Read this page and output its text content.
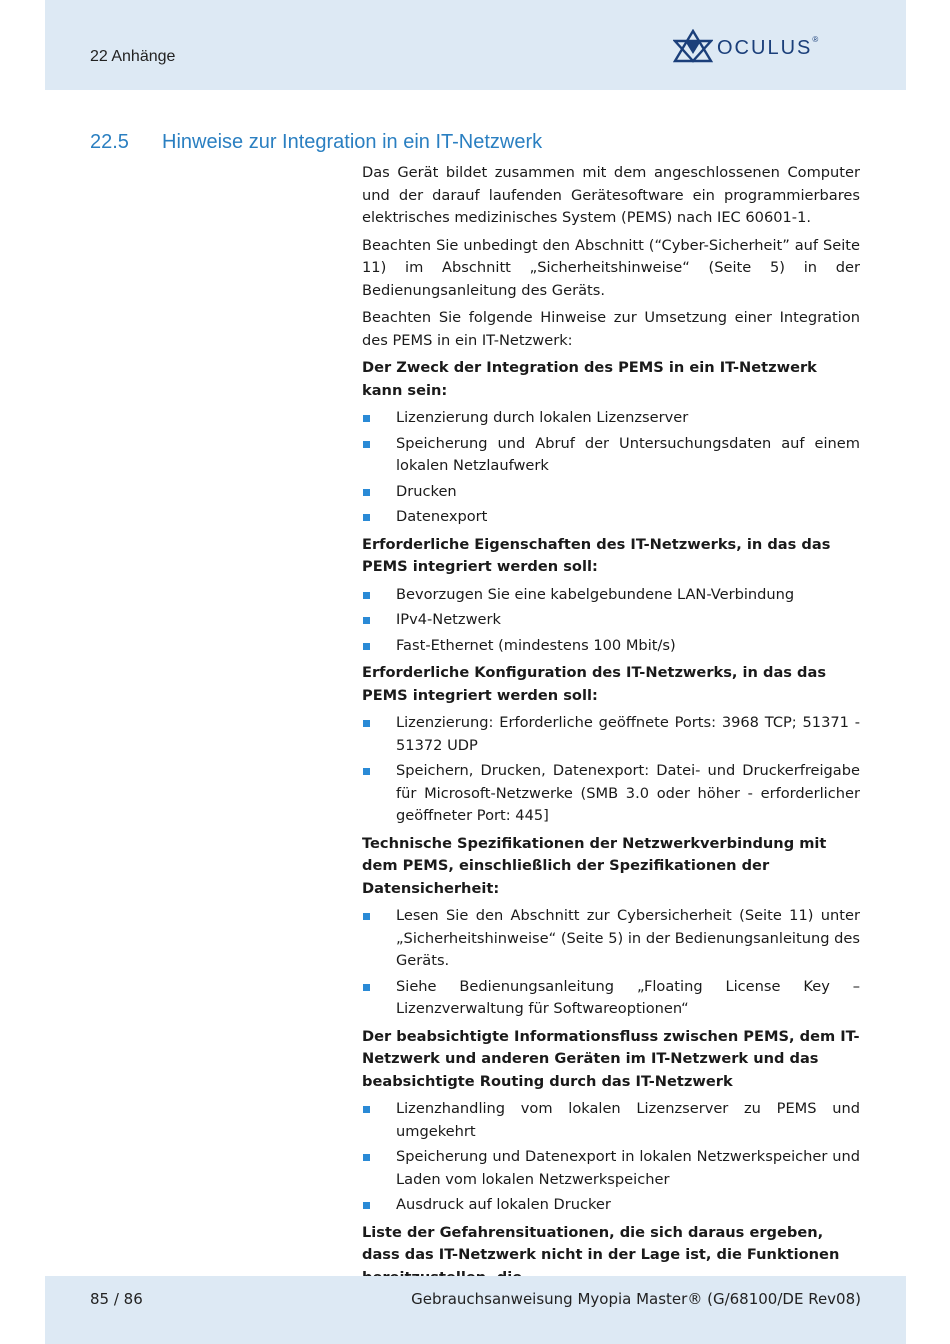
22 Anhänge	OCULUS®
22.5 Hinweise zur Integration in ein IT-Netzwerk

Das Gerät bildet zusammen mit dem angeschlossenen Computer und der darauf laufenden Gerätesoftware ein programmierbares elektrisches medizinisches System (PEMS) nach IEC 60601-1.

Beachten Sie unbedingt den Abschnitt (“Cyber-Sicherheit” auf Seite 11) im Abschnitt „Sicherheitshinweise“ (Seite 5) in der Bedienungsanleitung des Geräts.

Beachten Sie folgende Hinweise zur Umsetzung einer Integration des PEMS in ein IT-Netzwerk:

Der Zweck der Integration des PEMS in ein IT-Netzwerk kann sein:

Lizenzierung durch lokalen Lizenzserver
Speicherung und Abruf der Untersuchungsdaten auf einem lokalen Netzlaufwerk
Drucken
Datenexport

Erforderliche Eigenschaften des IT-Netzwerks, in das das PEMS integriert werden soll:

Bevorzugen Sie eine kabelgebundene LAN-Verbindung
IPv4-Netzwerk
Fast-Ethernet (mindestens 100 Mbit/s)

Erforderliche Konfiguration des IT-Netzwerks, in das das PEMS integriert werden soll:

Lizenzierung: Erforderliche geöffnete Ports: 3968 TCP; 51371 - 51372 UDP
Speichern, Drucken, Datenexport: Datei- und Druckerfreigabe für Microsoft-Netzwerke (SMB 3.0 oder höher - erforderlicher geöffneter Port: 445]

Technische Spezifikationen der Netzwerkverbindung mit dem PEMS, einschließlich der Spezifikationen der Datensicherheit:

Lesen Sie den Abschnitt zur Cybersicherheit (Seite 11) unter „Sicherheitshinweise“ (Seite 5) in der Bedienungsanleitung des Geräts.
Siehe Bedienungsanleitung „Floating License Key – Lizenzverwaltung für Softwareoptionen“

Der beabsichtigte Informationsfluss zwischen PEMS, dem IT-Netzwerk und anderen Geräten im IT-Netzwerk und das beabsichtigte Routing durch das IT-Netzwerk

Lizenzhandling vom lokalen Lizenzserver zu PEMS und umgekehrt
Speicherung und Datenexport in lokalen Netzwerkspeicher und Laden vom lokalen Netzwerkspeicher
Ausdruck auf lokalen Drucker

Liste der Gefahrensituationen, die sich daraus ergeben, dass das IT-Netzwerk nicht in der Lage ist, die Funktionen

85 / 86	Gebrauchsanweisung Myopia Master® (G/68100/DE Rev08)
